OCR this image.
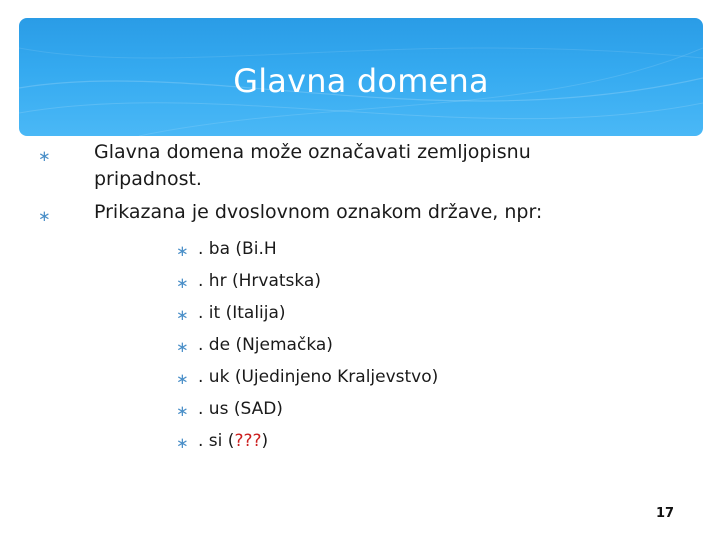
Glavna domena
∗ Glavna domena može označavati zemljopisnu
pripadnost.
∗ Prikazana je dvoslovnom oznakom države, npr:
∗ . ba (Bi.H
∗ . hr (Hrvatska)
∗ . it (Italija)
∗ . de (Njemačka)
∗ . uk (Ujedinjeno Kraljevstvo)
∗ . us (SAD)
∗ . si (???)
17
